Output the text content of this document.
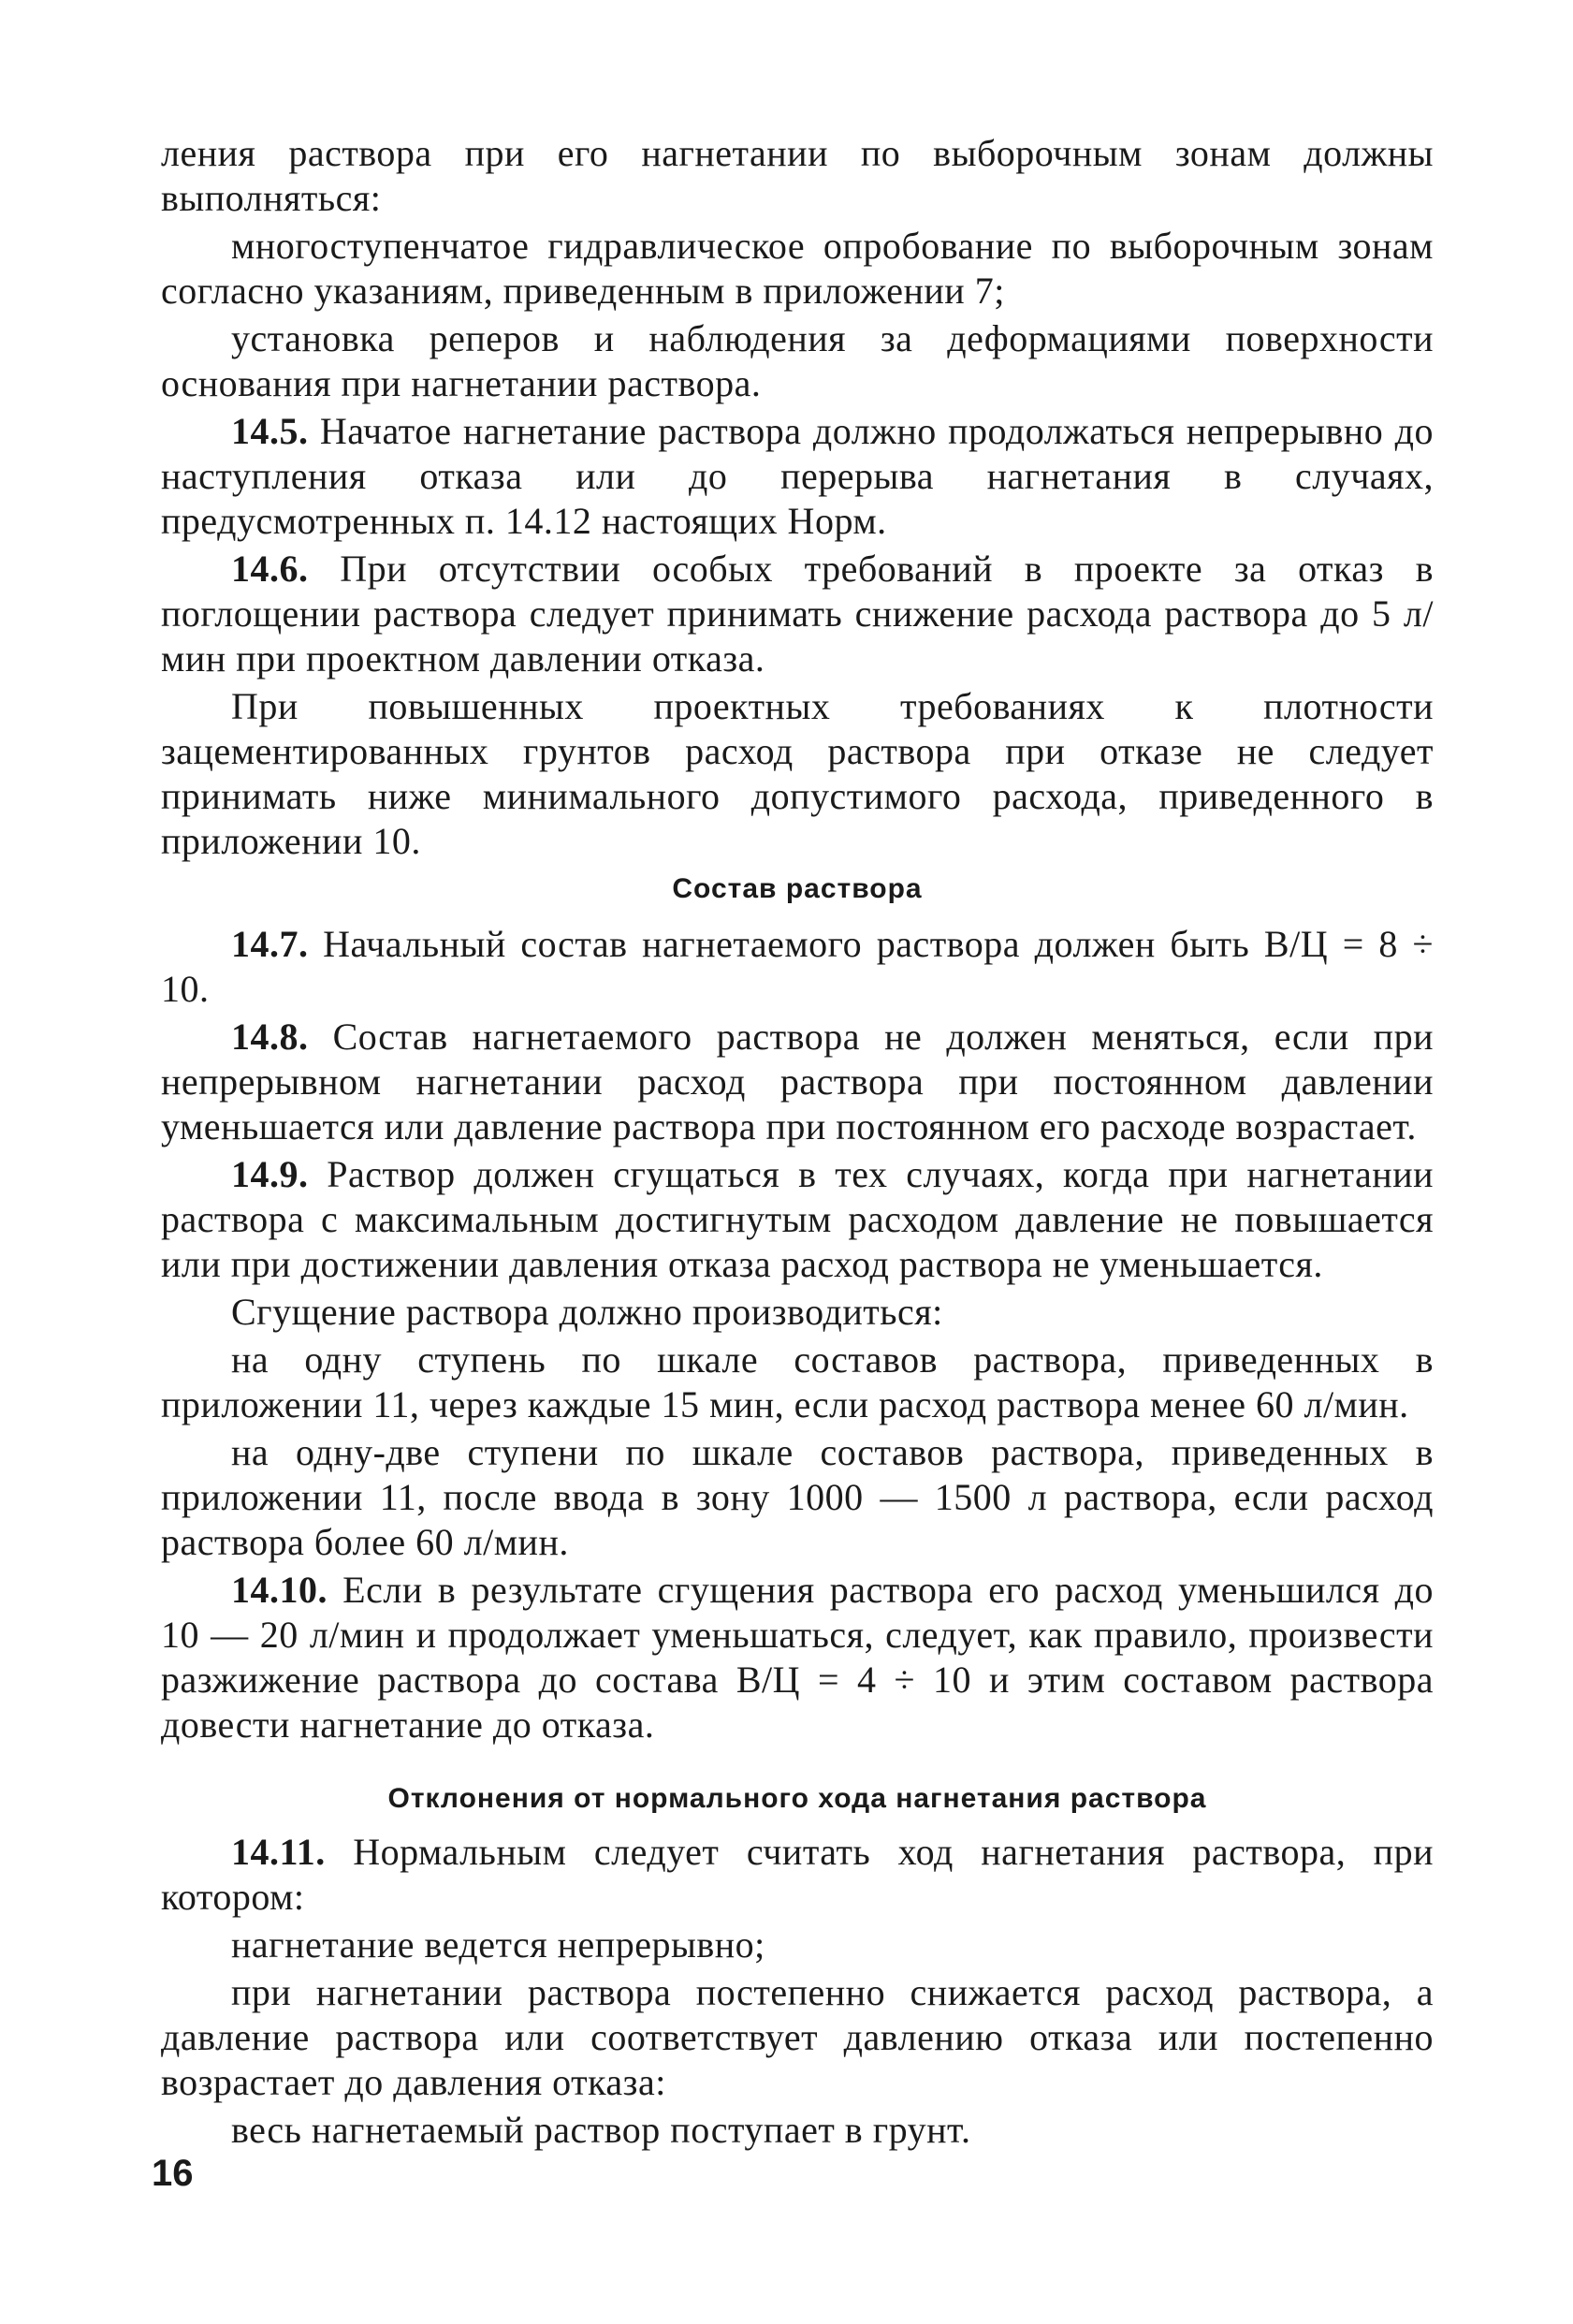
ления раствора при его нагнетании по выборочным зонам должны выполняться:

многоступенчатое гидравлическое опробование по выборочным зонам согласно указаниям, приведенным в приложении 7;

установка реперов и наблюдения за деформациями поверхности основания при нагнетании раствора.

14.5. Начатое нагнетание раствора должно продолжаться непрерывно до наступления отказа или до перерыва нагнетания в случаях, предусмотренных п. 14.12 настоящих Норм.

14.6. При отсутствии особых требований в проекте за отказ в поглощении раствора следует принимать снижение расхода раствора до 5 л/мин при проектном давлении отказа.

При повышенных проектных требованиях к плотности зацементированных грунтов расход раствора при отказе не следует принимать ниже минимального допустимого расхода, приведенного в приложении 10.

Состав раствора

14.7. Начальный состав нагнетаемого раствора должен быть В/Ц = 8 ÷ 10.

14.8. Состав нагнетаемого раствора не должен меняться, если при непрерывном нагнетании расход раствора при постоянном давлении уменьшается или давление раствора при постоянном его расходе возрастает.

14.9. Раствор должен сгущаться в тех случаях, когда при нагнетании раствора с максимальным достигнутым расходом давление не повышается или при достижении давления отказа расход раствора не уменьшается.

Сгущение раствора должно производиться:

на одну ступень по шкале составов раствора, приведенных в приложении 11, через каждые 15 мин, если расход раствора менее 60 л/мин.

на одну-две ступени по шкале составов раствора, приведенных в приложении 11, после ввода в зону 1000 — 1500 л раствора, если расход раствора более 60 л/мин.

14.10. Если в результате сгущения раствора его расход уменьшился до 10 — 20 л/мин и продолжает уменьшаться, следует, как правило, произвести разжижение раствора до состава В/Ц = 4 ÷ 10 и этим составом раствора довести нагнетание до отказа.

Отклонения от нормального хода нагнетания раствора

14.11. Нормальным следует считать ход нагнетания раствора, при котором:

нагнетание ведется непрерывно;

при нагнетании раствора постепенно снижается расход раствора, а давление раствора или соответствует давлению отказа или постепенно возрастает до давления отказа:

весь нагнетаемый раствор поступает в грунт.

16
